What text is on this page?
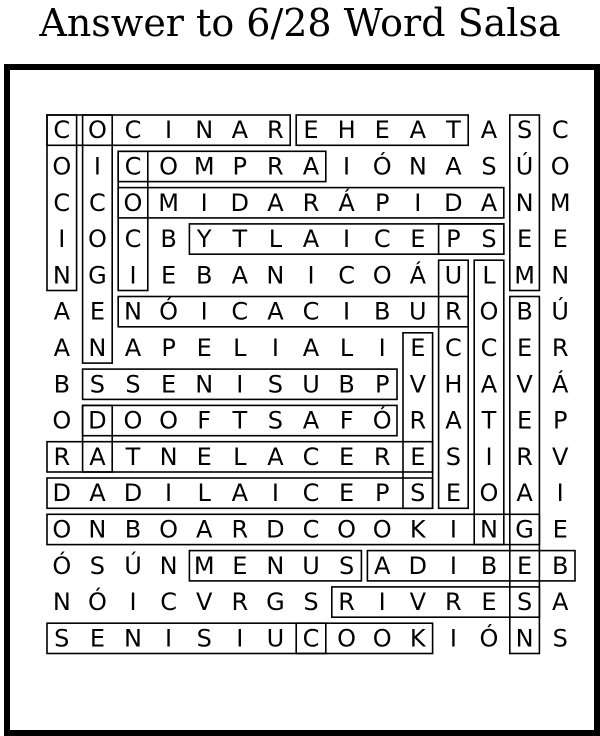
Answer to 6/28 Word Salsa
C O C I N A R E H E A T A S C
O I C O M P R A I Ó N A S Ú O
C C O M I D A R Á P I D A N M
I O C B Y T L A I C E P S E E
N G I E B A N I C O Á U L M N
A E N Ó I C A C I B U R O B Ú
A N A P E L I A L I E C C E R
B S S E N I S U B P V H A V Á
O D O O F T S A F Ó R A T E P
R A T N E L A C E R E S I R V
D A D I L A I C E P S E O A I
O N B O A R D C O O K I N G E
Ó S Ú N M E N U S A D I B E B
N Ó I C V R G S R I V R E S A
S E N I S I U C O O K I Ó N S
